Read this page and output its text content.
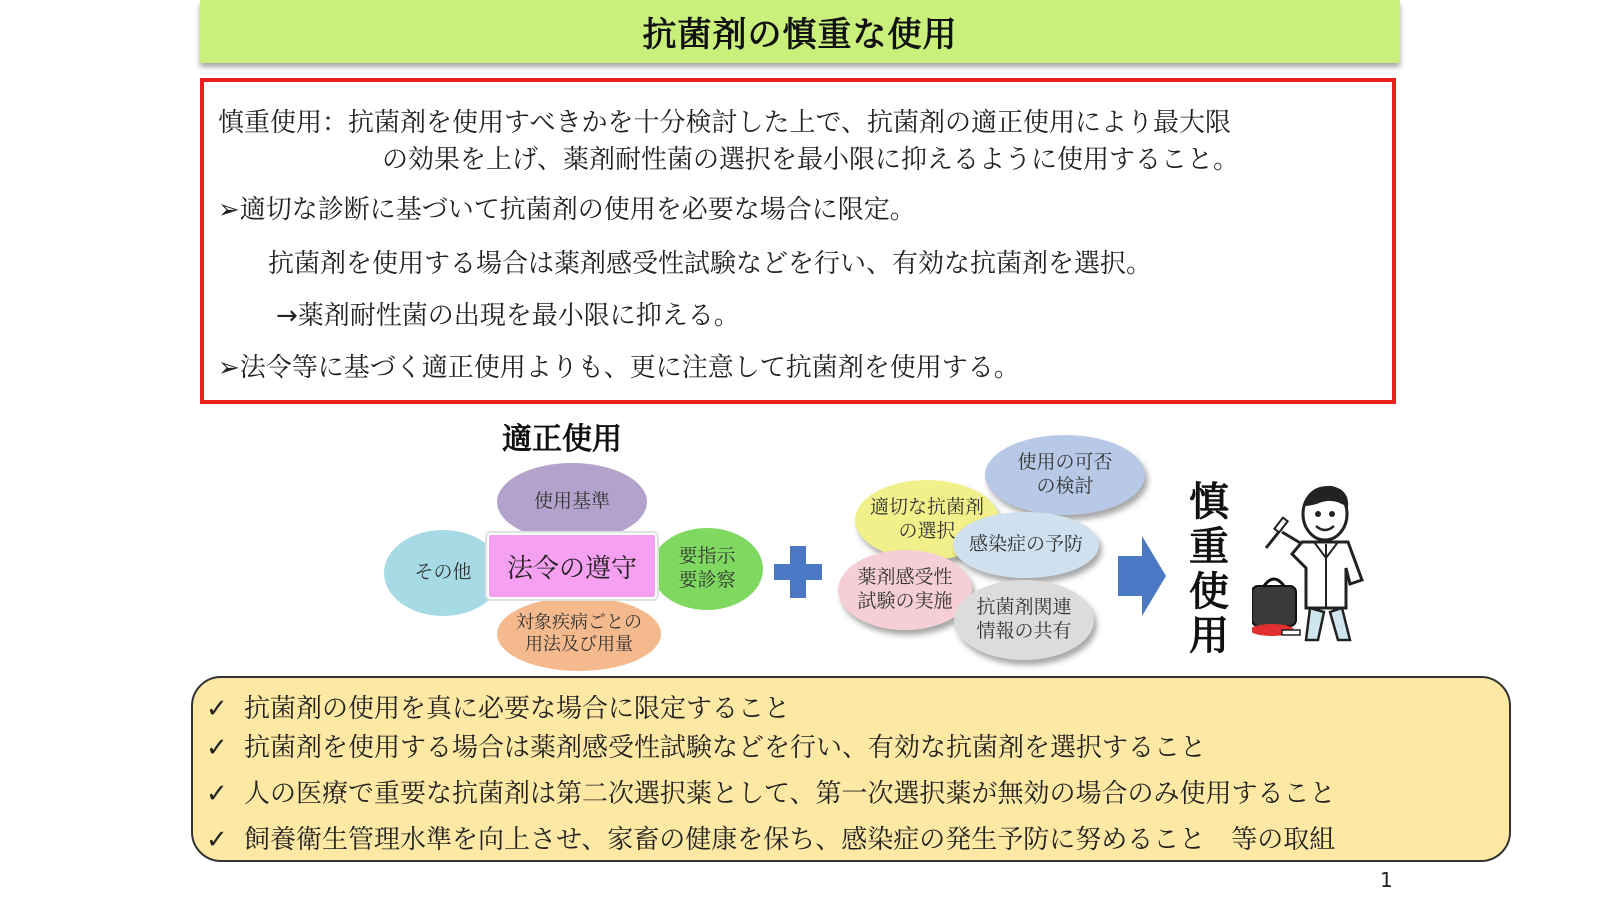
抗菌剤の慎重な使用
慎重使用：抗菌剤を使用すべきかを十分検討した上で、抗菌剤の適正使用により最大限
の効果を上げ、薬剤耐性菌の選択を最小限に抑えるように使用すること。
➢適切な診断に基づいて抗菌剤の使用を必要な場合に限定。
抗菌剤を使用する場合は薬剤感受性試験などを行い、有効な抗菌剤を選択。
→薬剤耐性菌の出現を最小限に抑える。
➢法令等に基づく適正使用よりも、更に注意して抗菌剤を使用する。
適正使用
使用基準
その他
要指示
要診察
対象疾病ごとの
用法及び用量
法令の遵守
使用の可否
の検討
適切な抗菌剤
の選択
感染症の予防
薬剤感受性
試験の実施 抗菌剤関連
情報の共有
慎
重
使
用
✓ 抗菌剤の使用を真に必要な場合に限定すること
✓ 抗菌剤を使用する場合は薬剤感受性試験などを行い、有効な抗菌剤を選択すること
✓ 人の医療で重要な抗菌剤は第二次選択薬として、第一次選択薬が無効の場合のみ使用すること
✓ 飼養衛生管理水準を向上させ、家畜の健康を保ち、感染症の発生予防に努めること　等の取組
1
